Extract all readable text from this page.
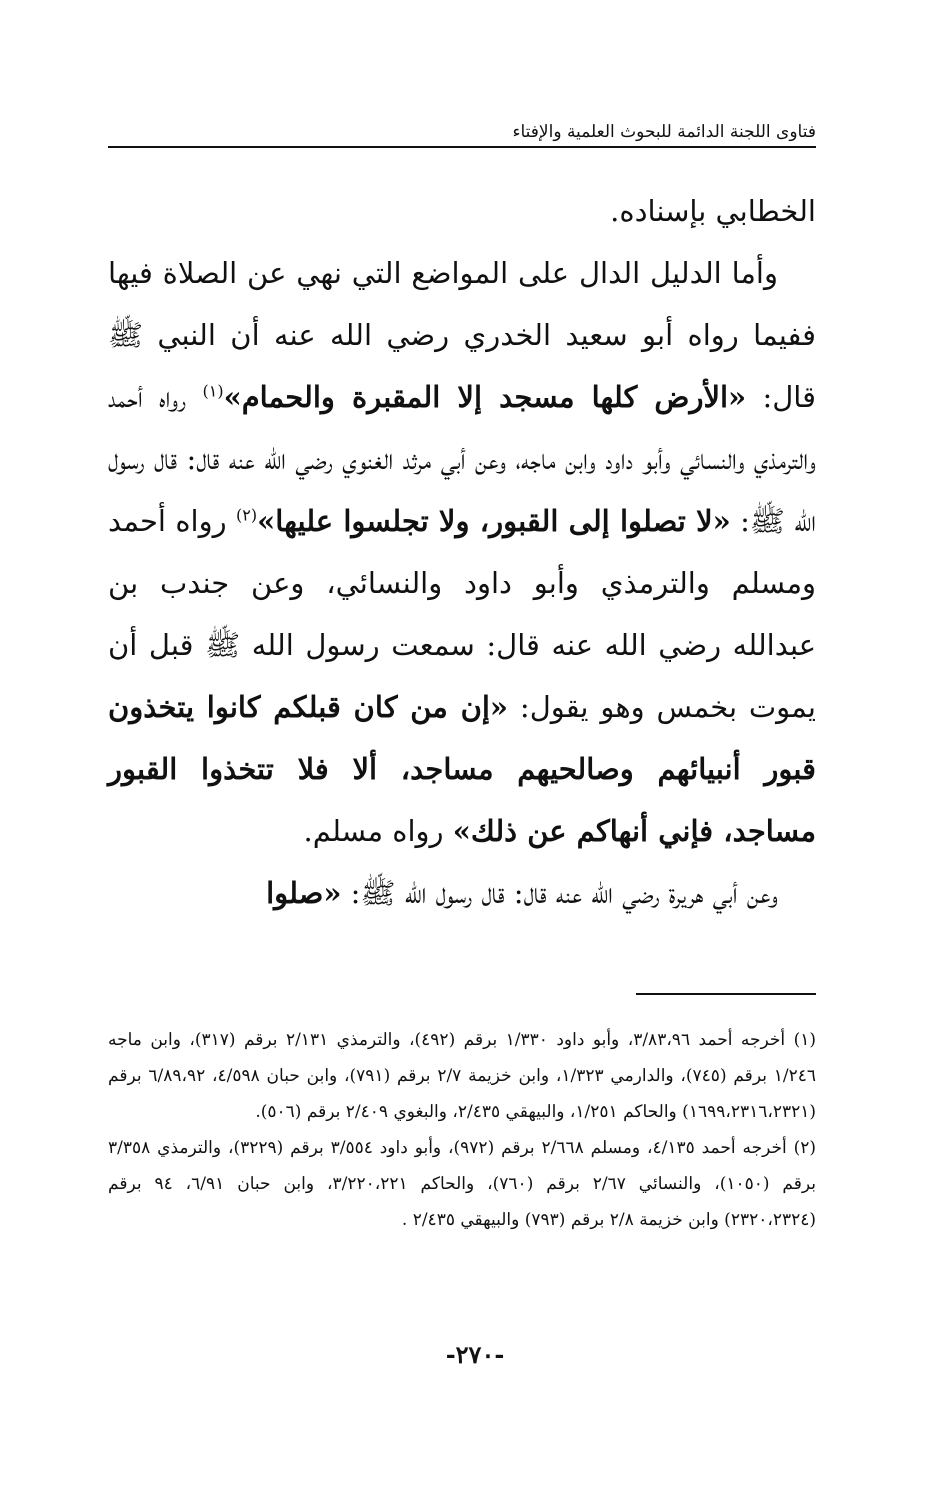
فتاوى اللجنة الدائمة للبحوث العلمية والإفتاء

الخطابي بإسناده.

وأما الدليل الدال على المواضع التي نهي عن الصلاة فيها ففيما رواه أبو سعيد الخدري رضي الله عنه أن النبي ﷺ قال: «الأرض كلها مسجد إلا المقبرة والحمام»$^{(١)}$ رواه أحمد والترمذي والنسائي وأبو داود وابن ماجه، وعن أبي مرثد الغنوي رضي الله عنه قال: قال رسول الله ﷺ: «لا تصلوا إلى القبور، ولا تجلسوا عليها»$^{(٢)}$ رواه أحمد ومسلم والترمذي وأبو داود والنسائي، وعن جندب بن عبدالله رضي الله عنه قال: سمعت رسول الله ﷺ قبل أن يموت بخمس وهو يقول: «إن من كان قبلكم كانوا يتخذون قبور أنبيائهم وصالحيهم مساجد، ألا فلا تتخذوا القبور مساجد، فإني أنهاكم عن ذلك» رواه مسلم.

وعن أبي هريرة رضي الله عنه قال: قال رسول الله ﷺ: «صلوا

(١) أخرجه أحمد ٣/٨٣،٩٦، وأبو داود ١/٣٣٠ برقم (٤٩٢)، والترمذي ٢/١٣١ برقم (٣١٧)، وابن ماجه ١/٢٤٦ برقم (٧٤٥)، والدارمي ١/٣٢٣، وابن خزيمة ٢/٧ برقم (٧٩١)، وابن حبان ٤/٥٩٨، ٦/٨٩،٩٢ برقم (١٦٩٩،٢٣١٦،٢٣٢١) والحاكم ١/٢٥١، والبيهقي ٢/٤٣٥، والبغوي ٢/٤٠٩ برقم (٥٠٦).

(٢) أخرجه أحمد ٤/١٣٥، ومسلم ٢/٦٦٨ برقم (٩٧٢)، وأبو داود ٣/٥٥٤ برقم (٣٢٢٩)، والترمذي ٣/٣٥٨ برقم (١٠٥٠)، والنسائي ٢/٦٧ برقم (٧٦٠)، والحاكم ٣/٢٢٠،٢٢١، وابن حبان ٦/٩١، ٩٤ برقم (٢٣٢٠،٢٣٢٤) وابن خزيمة ٢/٨ برقم (٧٩٣) والبيهقي ٢/٤٣٥ .

-٢٧٠-
